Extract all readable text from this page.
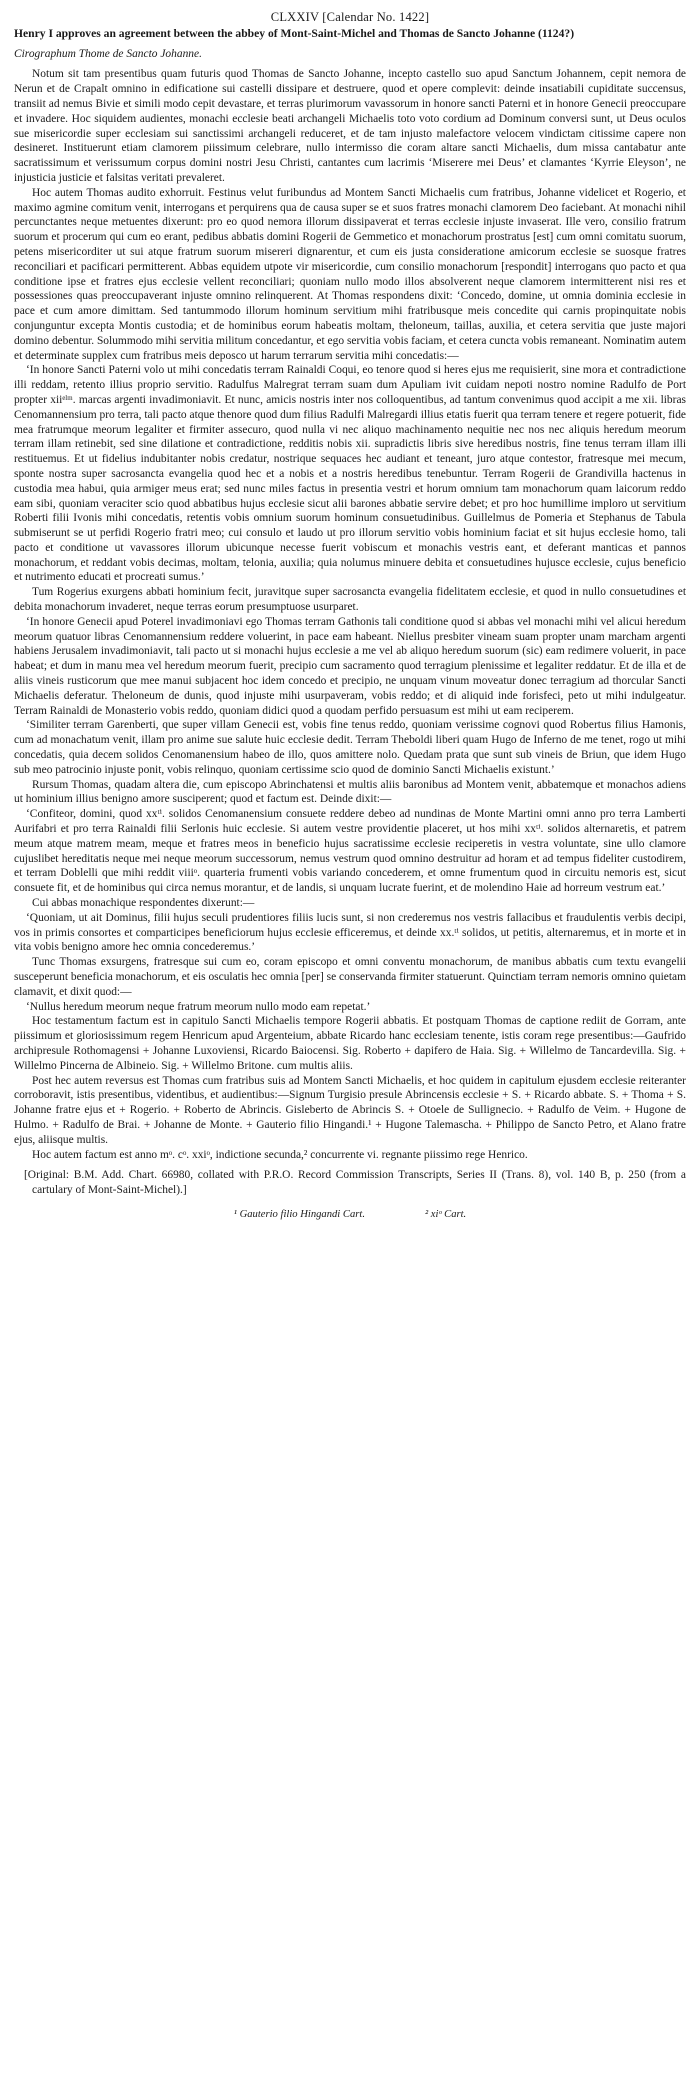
CLXXIV [Calendar No. 1422]
Henry I approves an agreement between the abbey of Mont-Saint-Michel and Thomas de Sancto Johanne (1124?)
Cirographum Thome de Sancto Johanne.

Notum sit tam presentibus quam futuris quod Thomas de Sancto Johanne, incepto castello suo apud Sanctum Johannem, cepit nemora de Nerun et de Crapalt omnino in edificatione sui castelli dissipare et destruere, quod et opere complevit: deinde insatiabili cupiditate succensus, transiit ad nemus Bivie et simili modo cepit devastare, et terras plurimorum vavassorum in honore sancti Paterni et in honore Genecii preoccupare et invadere. Hoc siquidem audientes, monachi ecclesie beati archangeli Michaelis toto voto cordium ad Dominum conversi sunt, ut Deus oculos sue misericordie super ecclesiam sui sanctissimi archangeli reduceret, et de tam injusto malefactore velocem vindictam citissime capere non desineret. Instituerunt etiam clamorem piissimum celebrare, nullo intermisso die coram altare sancti Michaelis, dum missa cantabatur ante sacratissimum et verissumum corpus domini nostri Jesu Christi, cantantes cum lacrimis ‘Miserere mei Deus’ et clamantes ‘Kyrrie Eleyson’, ne injusticia justicie et falsitas veritati prevaleret.

Hoc autem Thomas audito exhorruit. Festinus velut furibundus ad Montem Sancti Michaelis cum fratribus, Johanne videlicet et Rogerio, et maximo agmine comitum venit, interrogans et perquirens qua de causa super se et suos fratres monachi clamorem Deo faciebant. At monachi nihil percunctantes neque metuentes dixerunt: pro eo quod nemora illorum dissipaverat et terras ecclesie injuste invaserat. Ille vero, consilio fratrum suorum et procerum qui cum eo erant, pedibus abbatis domini Rogerii de Gemmetico et monachorum prostratus [est] cum omni comitatu suorum, petens misericorditer ut sui atque fratrum suorum misereri dignarentur, et cum eis justa consideratione amicorum ecclesie se suosque fratres reconciliari et pacificari permitterent. Abbas equidem utpote vir misericordie, cum consilio monachorum [respondit] interrogans quo pacto et qua conditione ipse et fratres ejus ecclesie vellent reconciliari; quoniam nullo modo illos absolverent neque clamorem intermitterent nisi res et possessiones quas preoccupaverant injuste omnino relinquerent. At Thomas respondens dixit: ‘Concedo, domine, ut omnia dominia ecclesie in pace et cum amore dimittam. Sed tantummodo illorum hominum servitium mihi fratribusque meis concedite qui carnis propinquitate nobis conjunguntur excepta Montis custodia; et de hominibus eorum habeatis moltam, theloneum, taillas, auxilia, et cetera servitia que juste majori domino debentur. Solummodo mihi servitia militum concedantur, et ego servitia vobis faciam, et cetera cuncta vobis remaneant. Nominatim autem et determinate supplex cum fratribus meis deposco ut harum terrarum servitia mihi concedatis:—

‘In honore Sancti Paterni volo ut mihi concedatis terram Rainaldi Coqui, eo tenore quod si heres ejus me requisierit, sine mora et contradictione illi reddam, retento illius proprio servitio. Radulfus Malregrat terram suam dum Apuliam ivit cuidam nepoti nostro nomine Radulfo de Port propter xiiᵉˡᵐ. marcas argenti invadimoniavit. Et nunc, amicis nostris inter nos colloquentibus, ad tantum convenimus quod accipit a me xii. libras Cenomannensium pro terra, tali pacto atque thenore quod dum filius Radulfi Malregardi illius etatis fuerit qua terram tenere et regere potuerit, fide mea fratrumque meorum legaliter et firmiter assecuro, quod nulla vi nec aliquo machinamento nequitie nec nos nec aliquis heredum meorum terram illam retinebit, sed sine dilatione et contradictione, redditis nobis xii. supradictis libris sive heredibus nostris, fine tenus terram illam illi restituemus. Et ut fidelius indubitanter nobis credatur, nostrique sequaces hec audiant et teneant, juro atque contestor, fratresque mei mecum, sponte nostra super sacrosancta evangelia quod hec et a nobis et a nostris heredibus tenebuntur. Terram Rogerii de Grandivilla hactenus in custodia mea habui, quia armiger meus erat; sed nunc miles factus in presentia vestri et horum omnium tam monachorum quam laicorum reddo eam sibi, quoniam veraciter scio quod abbatibus hujus ecclesie sicut alii barones abbatie servire debet; et pro hoc humillime imploro ut servitium Roberti filii Ivonis mihi concedatis, retentis vobis omnium suorum hominum consuetudinibus. Guillelmus de Pomeria et Stephanus de Tabula submiserunt se ut perfidi Rogerio fratri meo; cui consulo et laudo ut pro illorum servitio vobis hominium faciat et sit hujus ecclesie homo, tali pacto et conditione ut vavassores illorum ubicunque necesse fuerit vobiscum et monachis vestris eant, et deferant manticas et pannos monachorum, et reddant vobis decimas, moltam, telonia, auxilia; quia nolumus minuere debita et consuetudines hujusce ecclesie, cujus beneficio et nutrimento educati et procreati sumus.’

Tum Rogerius exurgens abbati hominium fecit, juravitque super sacrosancta evangelia fidelitatem ecclesie, et quod in nullo consuetudines et debita monachorum invaderet, neque terras eorum presumptuose usurparet.

‘In honore Genecii apud Poterel invadimoniavi ego Thomas terram Gathonis tali conditione quod si abbas vel monachi mihi vel alicui heredum meorum quatuor libras Cenomannensium reddere voluerint, in pace eam habeant. Niellus presbiter vineam suam propter unam marcham argenti habiens Jerusalem invadimoniavit, tali pacto ut si monachi hujus ecclesie a me vel ab aliquo heredum suorum (sic) eam redimere voluerit, in pace habeat; et dum in manu mea vel heredum meorum fuerit, precipio cum sacramento quod terragium plenissime et legaliter reddatur. Et de illa et de aliis vineis rusticorum que mee manui subjacent hoc idem concedo et precipio, ne unquam vinum moveatur donec terragium ad thorcular Sancti Michaelis deferatur. Theloneum de dunis, quod injuste mihi usurpaveram, vobis reddo; et di aliquid inde forisfeci, peto ut mihi indulgeatur. Terram Rainaldi de Monasterio vobis reddo, quoniam didici quod a quodam perfido persuasum est mihi ut eam reciperem.

‘Similiter terram Garenberti, que super villam Genecii est, vobis fine tenus reddo, quoniam verissime cognovi quod Robertus filius Hamonis, cum ad monachatum venit, illam pro anime sue salute huic ecclesie dedit. Terram Theboldi liberi quam Hugo de Inferno de me tenet, rogo ut mihi concedatis, quia decem solidos Cenomanensium habeo de illo, quos amittere nolo. Quedam prata que sunt sub vineis de Briun, que idem Hugo sub meo patrocinio injuste ponit, vobis relinquo, quoniam certissime scio quod de dominio Sancti Michaelis existunt.’

Rursum Thomas, quadam altera die, cum episcopo Abrinchatensi et multis aliis baronibus ad Montem venit, abbatemque et monachos adiens ut hominium illius benigno amore susciperent; quod et factum est. Deinde dixit:—

‘Confiteor, domini, quod xxᵗⁱ. solidos Cenomanensium consuete reddere debeo ad nundinas de Monte Martini omni anno pro terra Lamberti Aurifabri et pro terra Rainaldi filii Serlonis huic ecclesie. Si autem vestre providentie placeret, ut hos mihi xxᵗⁱ. solidos alternaretis, et patrem meum atque matrem meam, meque et fratres meos in beneficio hujus sacratissime ecclesie reciperetis in vestra voluntate, sine ullo clamore cujuslibet hereditatis neque mei neque meorum successorum, nemus vestrum quod omnino destruitur ad horam et ad tempus fideliter custodirem, et terram Doblelli que mihi reddit viiiᵒ. quarteria frumenti vobis variando concederem, et omne frumentum quod in circuitu nemoris est, sicut consuete fit, et de hominibus qui circa nemus morantur, et de landis, si unquam lucrate fuerint, et de molendino Haie ad horreum vestrum eat.’

Cui abbas monachique respondentes dixerunt:—

‘Quoniam, ut ait Dominus, filii hujus seculi prudentiores filiis lucis sunt, si non crederemus nos vestris fallacibus et fraudulentis verbis decipi, vos in primis consortes et comparticipes beneficiorum hujus ecclesie efficeremus, et deinde xx.ᵗⁱ solidos, ut petitis, alternaremus, et in morte et in vita vobis benigno amore hec omnia concederemus.’

Tunc Thomas exsurgens, fratresque sui cum eo, coram episcopo et omni conventu monachorum, de manibus abbatis cum textu evangelii susceperunt beneficia monachorum, et eis osculatis hec omnia [per] se conservanda firmiter statuerunt. Quinctiam terram nemoris omnino quietam clamavit, et dixit quod:—

‘Nullus heredum meorum neque fratrum meorum nullo modo eam repetat.’

Hoc testamentum factum est in capitulo Sancti Michaelis tempore Rogerii abbatis. Et postquam Thomas de captione rediit de Gorram, ante piissimum et gloriosissimum regem Henricum apud Argenteium, abbate Ricardo hanc ecclesiam tenente, istis coram rege presentibus:—Gaufrido archipresule Rothomagensi + Johanne Luxoviensi, Ricardo Baiocensi. Sig. Roberto + dapifero de Haia. Sig. + Willelmo de Tancardevilla. Sig. + Willelmo Pincerna de Albineio. Sig. + Willelmo Britone. cum multis aliis.

Post hec autem reversus est Thomas cum fratribus suis ad Montem Sancti Michaelis, et hoc quidem in capitulum ejusdem ecclesie reiteranter corroboravit, istis presentibus, videntibus, et audientibus:—Signum Turgisio presule Abrincensis ecclesie + S. + Ricardo abbate. S. + Thoma + S. Johanne fratre ejus et + Rogerio. + Roberto de Abrincis. Gisleberto de Abrincis S. + Otoele de Sullignecio. + Radulfo de Veim. + Hugone de Hulmo. + Radulfo de Brai. + Johanne de Monte. + Gauterio filio Hingandi.¹ + Hugone Talemascha. + Philippo de Sancto Petro, et Alano fratre ejus, aliisque multis.

Hoc autem factum est anno mᵒ. cᵒ. xxiᵒ, indictione secunda,² concurrente vi. regnante piissimo rege Henrico.

[Original: B.M. Add. Chart. 66980, collated with P.R.O. Record Commission Transcripts, Series II (Trans. 8), vol. 140 B, p. 250 (from a cartulary of Mont-Saint-Michel).]
¹ Gauterio filio Hingandi Cart.	² xiᵒ Cart.
